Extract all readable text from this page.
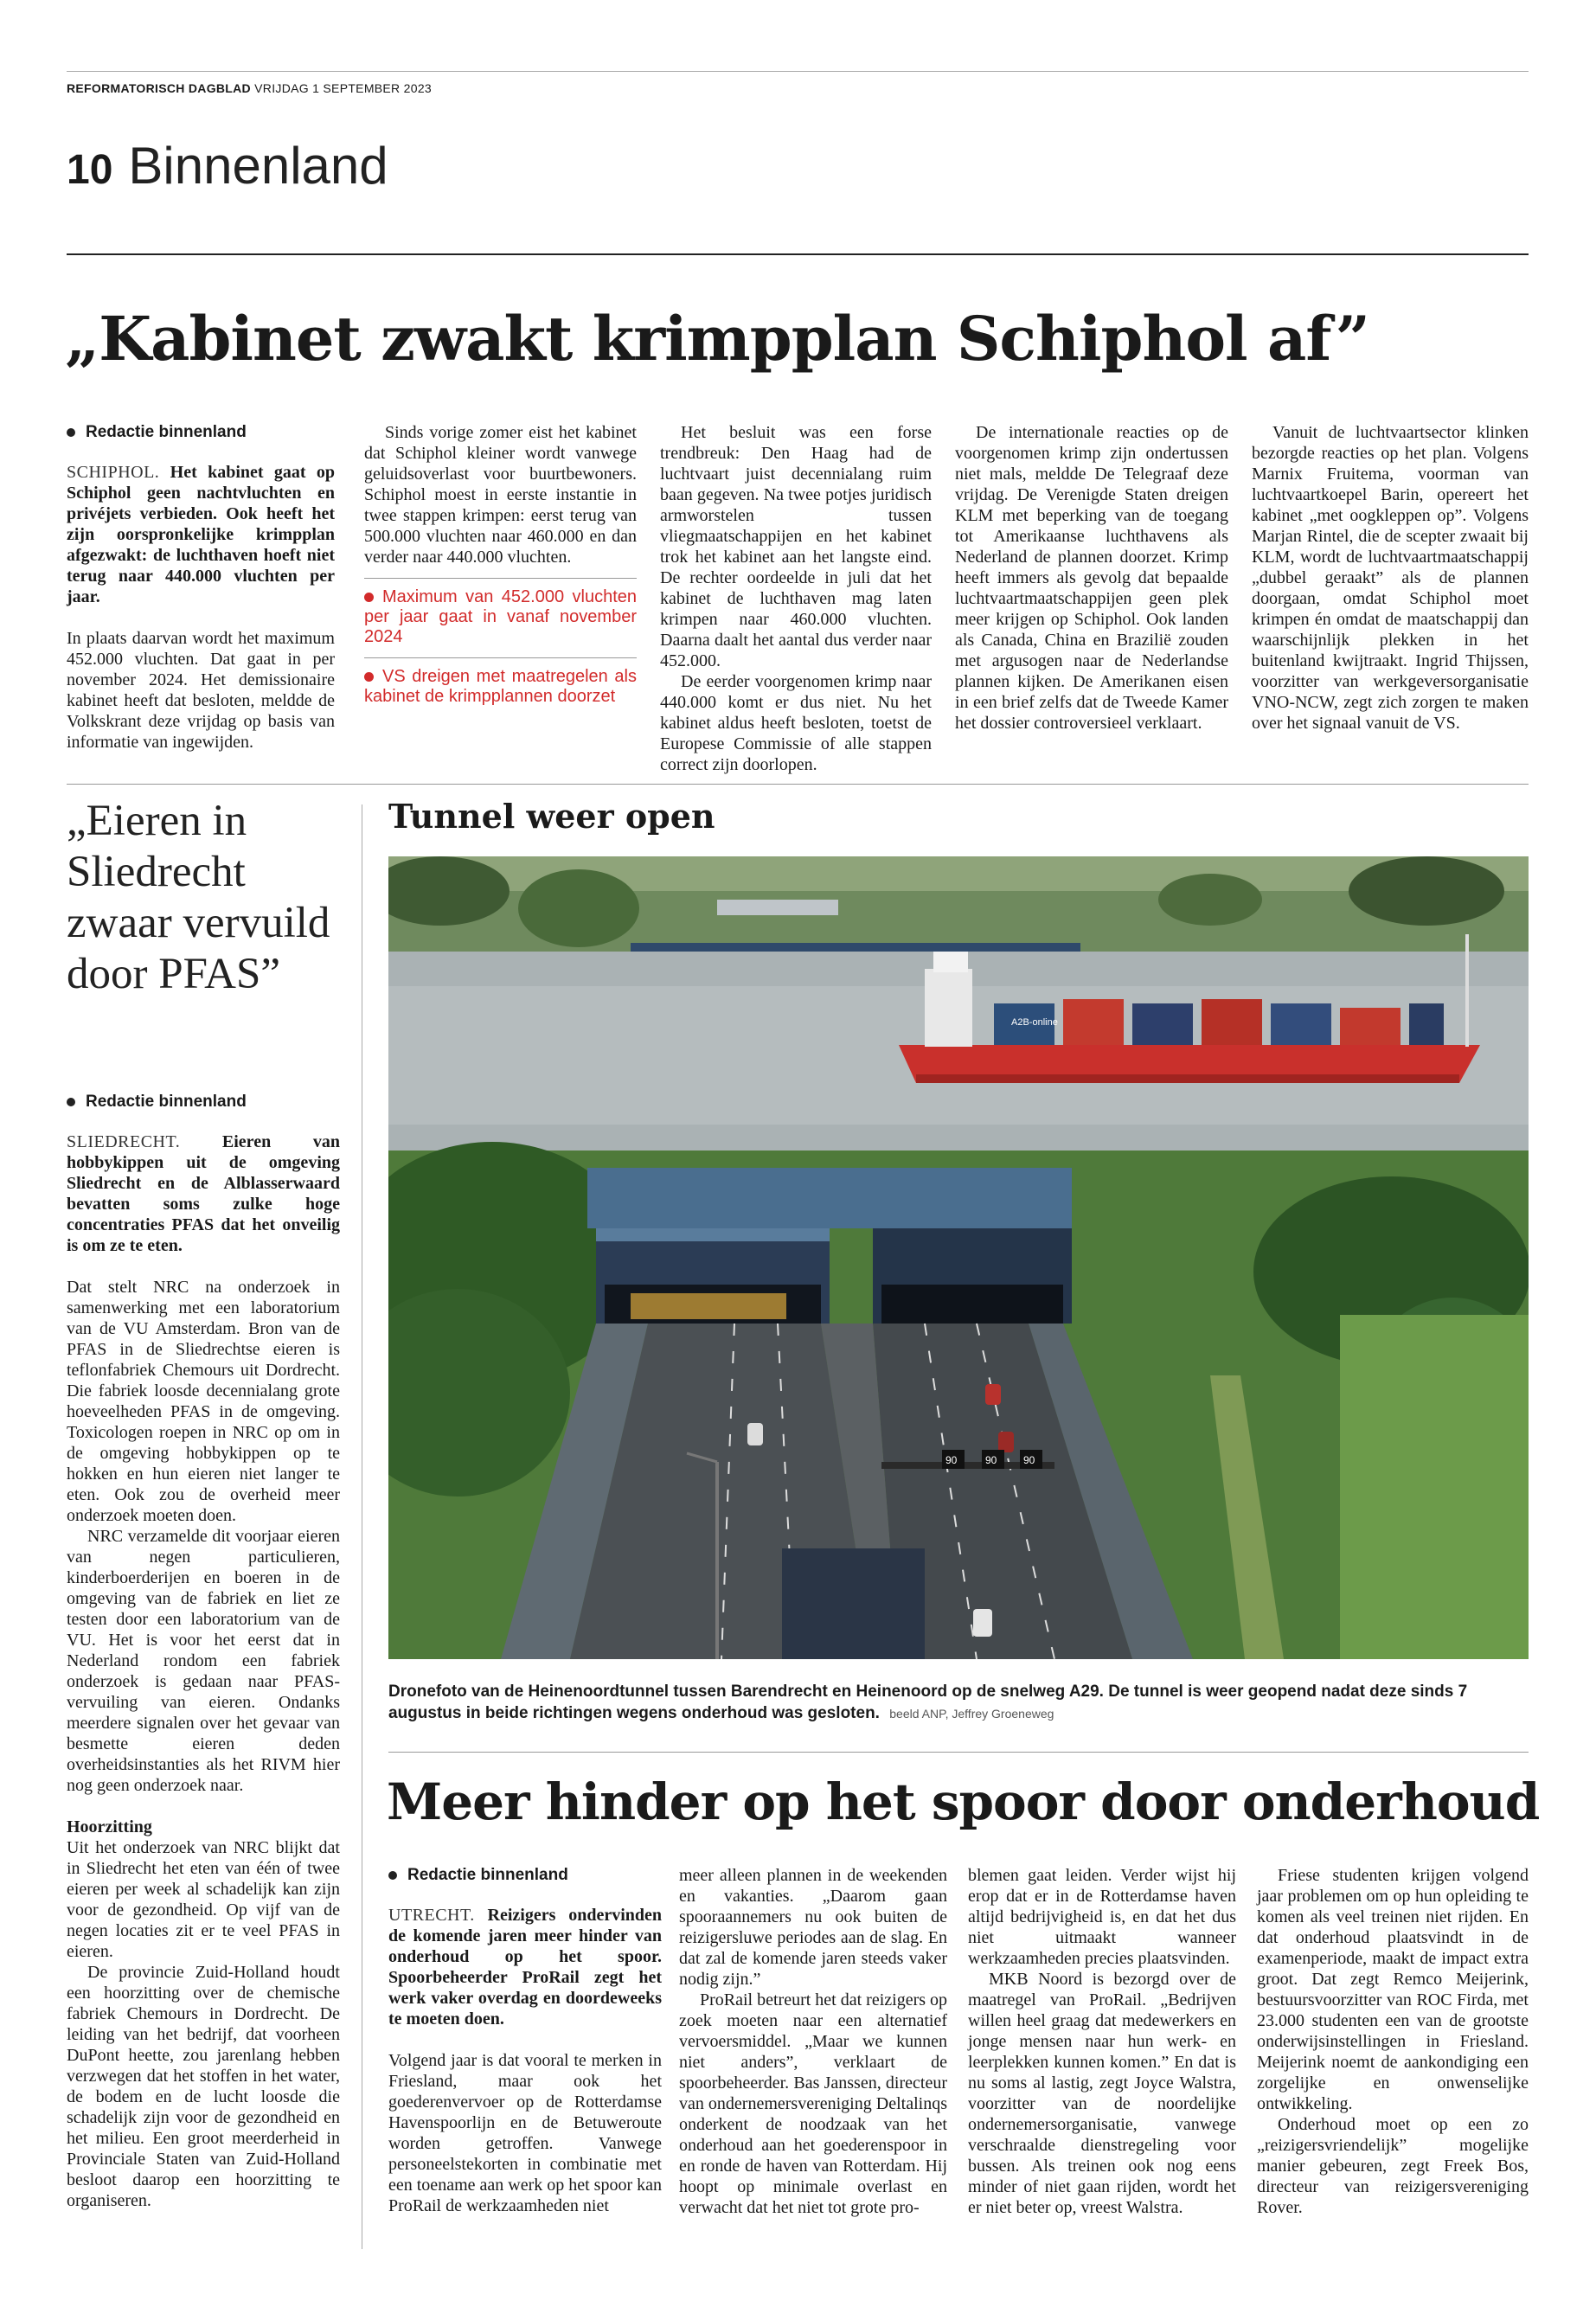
REFORMATORISCH DAGBLAD VRIJDAG 1 SEPTEMBER 2023
10 Binnenland
„Kabinet zwakt krimpplan Schiphol af”
Redactie binnenland

SCHIPHOL. Het kabinet gaat op Schiphol geen nachtvluchten en privéjets verbieden. Ook heeft het zijn oorspronkelijke krimpplan afgezwakt: de luchthaven hoeft niet terug naar 440.000 vluchten per jaar.

In plaats daarvan wordt het maximum 452.000 vluchten. Dat gaat in per november 2024. Het demissionaire kabinet heeft dat besloten, meldde de Volkskrant deze vrijdag op basis van informatie van ingewijden.

Sinds vorige zomer eist het kabinet dat Schiphol kleiner wordt vanwege geluidsoverlast voor buurtbewoners. Schiphol moest in eerste instantie in twee stappen krimpen: eerst terug van 500.000 vluchten naar 460.000 en dan verder naar 440.000 vluchten.

Maximum van 452.000 vluchten per jaar gaat in vanaf november 2024
VS dreigen met maatregelen als kabinet de krimpplannen doorzet

Het besluit was een forse trendbreuk: Den Haag had de luchtvaart juist decennialang ruim baan gegeven. Na twee potjes juridisch armworstelen tussen vliegmaatschappijen en het kabinet trok het kabinet aan het langste eind. De rechter oordeelde in juli dat het kabinet de luchthaven mag laten krimpen naar 460.000 vluchten. Daarna daalt het aantal dus verder naar 452.000.

De eerder voorgenomen krimp naar 440.000 komt er dus niet. Nu het kabinet aldus heeft besloten, toetst de Europese Commissie of alle stappen correct zijn doorlopen.

De internationale reacties op de voorgenomen krimp zijn ondertussen niet mals, meldde De Telegraaf deze vrijdag. De Verenigde Staten dreigen KLM met beperking van de toegang tot Amerikaanse luchthavens als Nederland de plannen doorzet. Krimp heeft immers als gevolg dat bepaalde luchtvaartmaatschappijen geen plek meer krijgen op Schiphol. Ook landen als Canada, China en Brazilië zouden met argusogen naar de Nederlandse plannen kijken. De Amerikanen eisen in een brief zelfs dat de Tweede Kamer het dossier controversieel verklaart.

Vanuit de luchtvaartsector klinken bezorgde reacties op het plan. Volgens Marnix Fruitema, voorman van luchtvaartkoepel Barin, opereert het kabinet „met oogkleppen op”. Volgens Marjan Rintel, die de scepter zwaait bij KLM, wordt de luchtvaartmaatschappij „dubbel geraakt” als de plannen doorgaan, omdat Schiphol moet krimpen én omdat de maatschappij dan waarschijnlijk plekken in het buitenland kwijtraakt. Ingrid Thijssen, voorzitter van werkgeversorganisatie VNO-NCW, zegt zich zorgen te maken over het signaal vanuit de VS.

„Eieren in Sliedrecht zwaar vervuild door PFAS”
Redactie binnenland

SLIEDRECHT. Eieren van hobbykippen uit de omgeving Sliedrecht en de Alblasserwaard bevatten soms zulke hoge concentraties PFAS dat het onveilig is om ze te eten.

Dat stelt NRC na onderzoek in samenwerking met een laboratorium van de VU Amsterdam. Bron van de PFAS in de Sliedrechtse eieren is teflonfabriek Chemours uit Dordrecht. Die fabriek loosde decennialang grote hoeveelheden PFAS in de omgeving. Toxicologen roepen in NRC op om in de omgeving hobbykippen op te hokken en hun eieren niet langer te eten. Ook zou de overheid meer onderzoek moeten doen.

NRC verzamelde dit voorjaar eieren van negen particulieren, kinderboerderijen en boeren in de omgeving van de fabriek en liet ze testen door een laboratorium van de VU. Het is voor het eerst dat in Nederland rondom een fabriek onderzoek is gedaan naar PFAS-vervuiling van eieren. Ondanks meerdere signalen over het gevaar van besmette eieren deden overheidsinstanties als het RIVM hier nog geen onderzoek naar.

Hoorzitting

Uit het onderzoek van NRC blijkt dat in Sliedrecht het eten van één of twee eieren per week al schadelijk kan zijn voor de gezondheid. Op vijf van de negen locaties zit er te veel PFAS in eieren.

De provincie Zuid-Holland houdt een hoorzitting over de chemische fabriek Chemours in Dordrecht. De leiding van het bedrijf, dat voorheen DuPont heette, zou jarenlang hebben verzwegen dat het stoffen in het water, de bodem en de lucht loosde die schadelijk zijn voor de gezondheid en het milieu. Een groot meerderheid in Provinciale Staten van Zuid-Holland besloot daarop een hoorzitting te organiseren.

Tunnel weer open
A2B-online
90	90	90
Dronefoto van de Heinenoordtunnel tussen Barendrecht en Heinenoord op de snelweg A29. De tunnel is weer geopend nadat deze sinds 7 augustus in beide richtingen wegens onderhoud was gesloten. beeld ANP, Jeffrey Groeneweg
Meer hinder op het spoor door onderhoud
Redactie binnenland

UTRECHT. Reizigers ondervinden de komende jaren meer hinder van onderhoud op het spoor. Spoorbeheerder ProRail zegt het werk vaker overdag en doordeweeks te moeten doen.

Volgend jaar is dat vooral te merken in Friesland, maar ook het goederenvervoer op de Rotterdamse Havenspoorlijn en de Betuweroute worden getroffen. Vanwege personeelstekorten in combinatie met een toename aan werk op het spoor kan ProRail de werkzaamheden niet

meer alleen plannen in de weekenden en vakanties. „Daarom gaan spooraannemers nu ook buiten de reizigersluwe periodes aan de slag. En dat zal de komende jaren steeds vaker nodig zijn.”

ProRail betreurt het dat reizigers op zoek moeten naar een alternatief vervoersmiddel. „Maar we kunnen niet anders”, verklaart de spoorbeheerder. Bas Janssen, directeur van ondernemersvereniging Deltalinqs onderkent de noodzaak van het onderhoud aan het goederenspoor in en ronde de haven van Rotterdam. Hij hoopt op minimale overlast en verwacht dat het niet tot grote pro-

blemen gaat leiden. Verder wijst hij erop dat er in de Rotterdamse haven altijd bedrijvigheid is, en dat het dus niet uitmaakt wanneer werkzaamheden precies plaatsvinden.

MKB Noord is bezorgd over de maatregel van ProRail. „Bedrijven willen heel graag dat medewerkers en jonge mensen naar hun werk- en leerplekken kunnen komen.” En dat is nu soms al lastig, zegt Joyce Walstra, voorzitter van de noordelijke ondernemersorganisatie, vanwege verschraalde dienstregeling voor bussen. Als treinen ook nog eens minder of niet gaan rijden, wordt het er niet beter op, vreest Walstra.

Friese studenten krijgen volgend jaar problemen om op hun opleiding te komen als veel treinen niet rijden. En dat onderhoud plaatsvindt in de examenperiode, maakt de impact extra groot. Dat zegt Remco Meijerink, bestuursvoorzitter van ROC Firda, met 23.000 studenten een van de grootste onderwijsinstellingen in Friesland. Meijerink noemt de aankondiging een zorgelijke en onwenselijke ontwikkeling.

Onderhoud moet op een zo „reizigersvriendelijk” mogelijke manier gebeuren, zegt Freek Bos, directeur van reizigersvereniging Rover.
